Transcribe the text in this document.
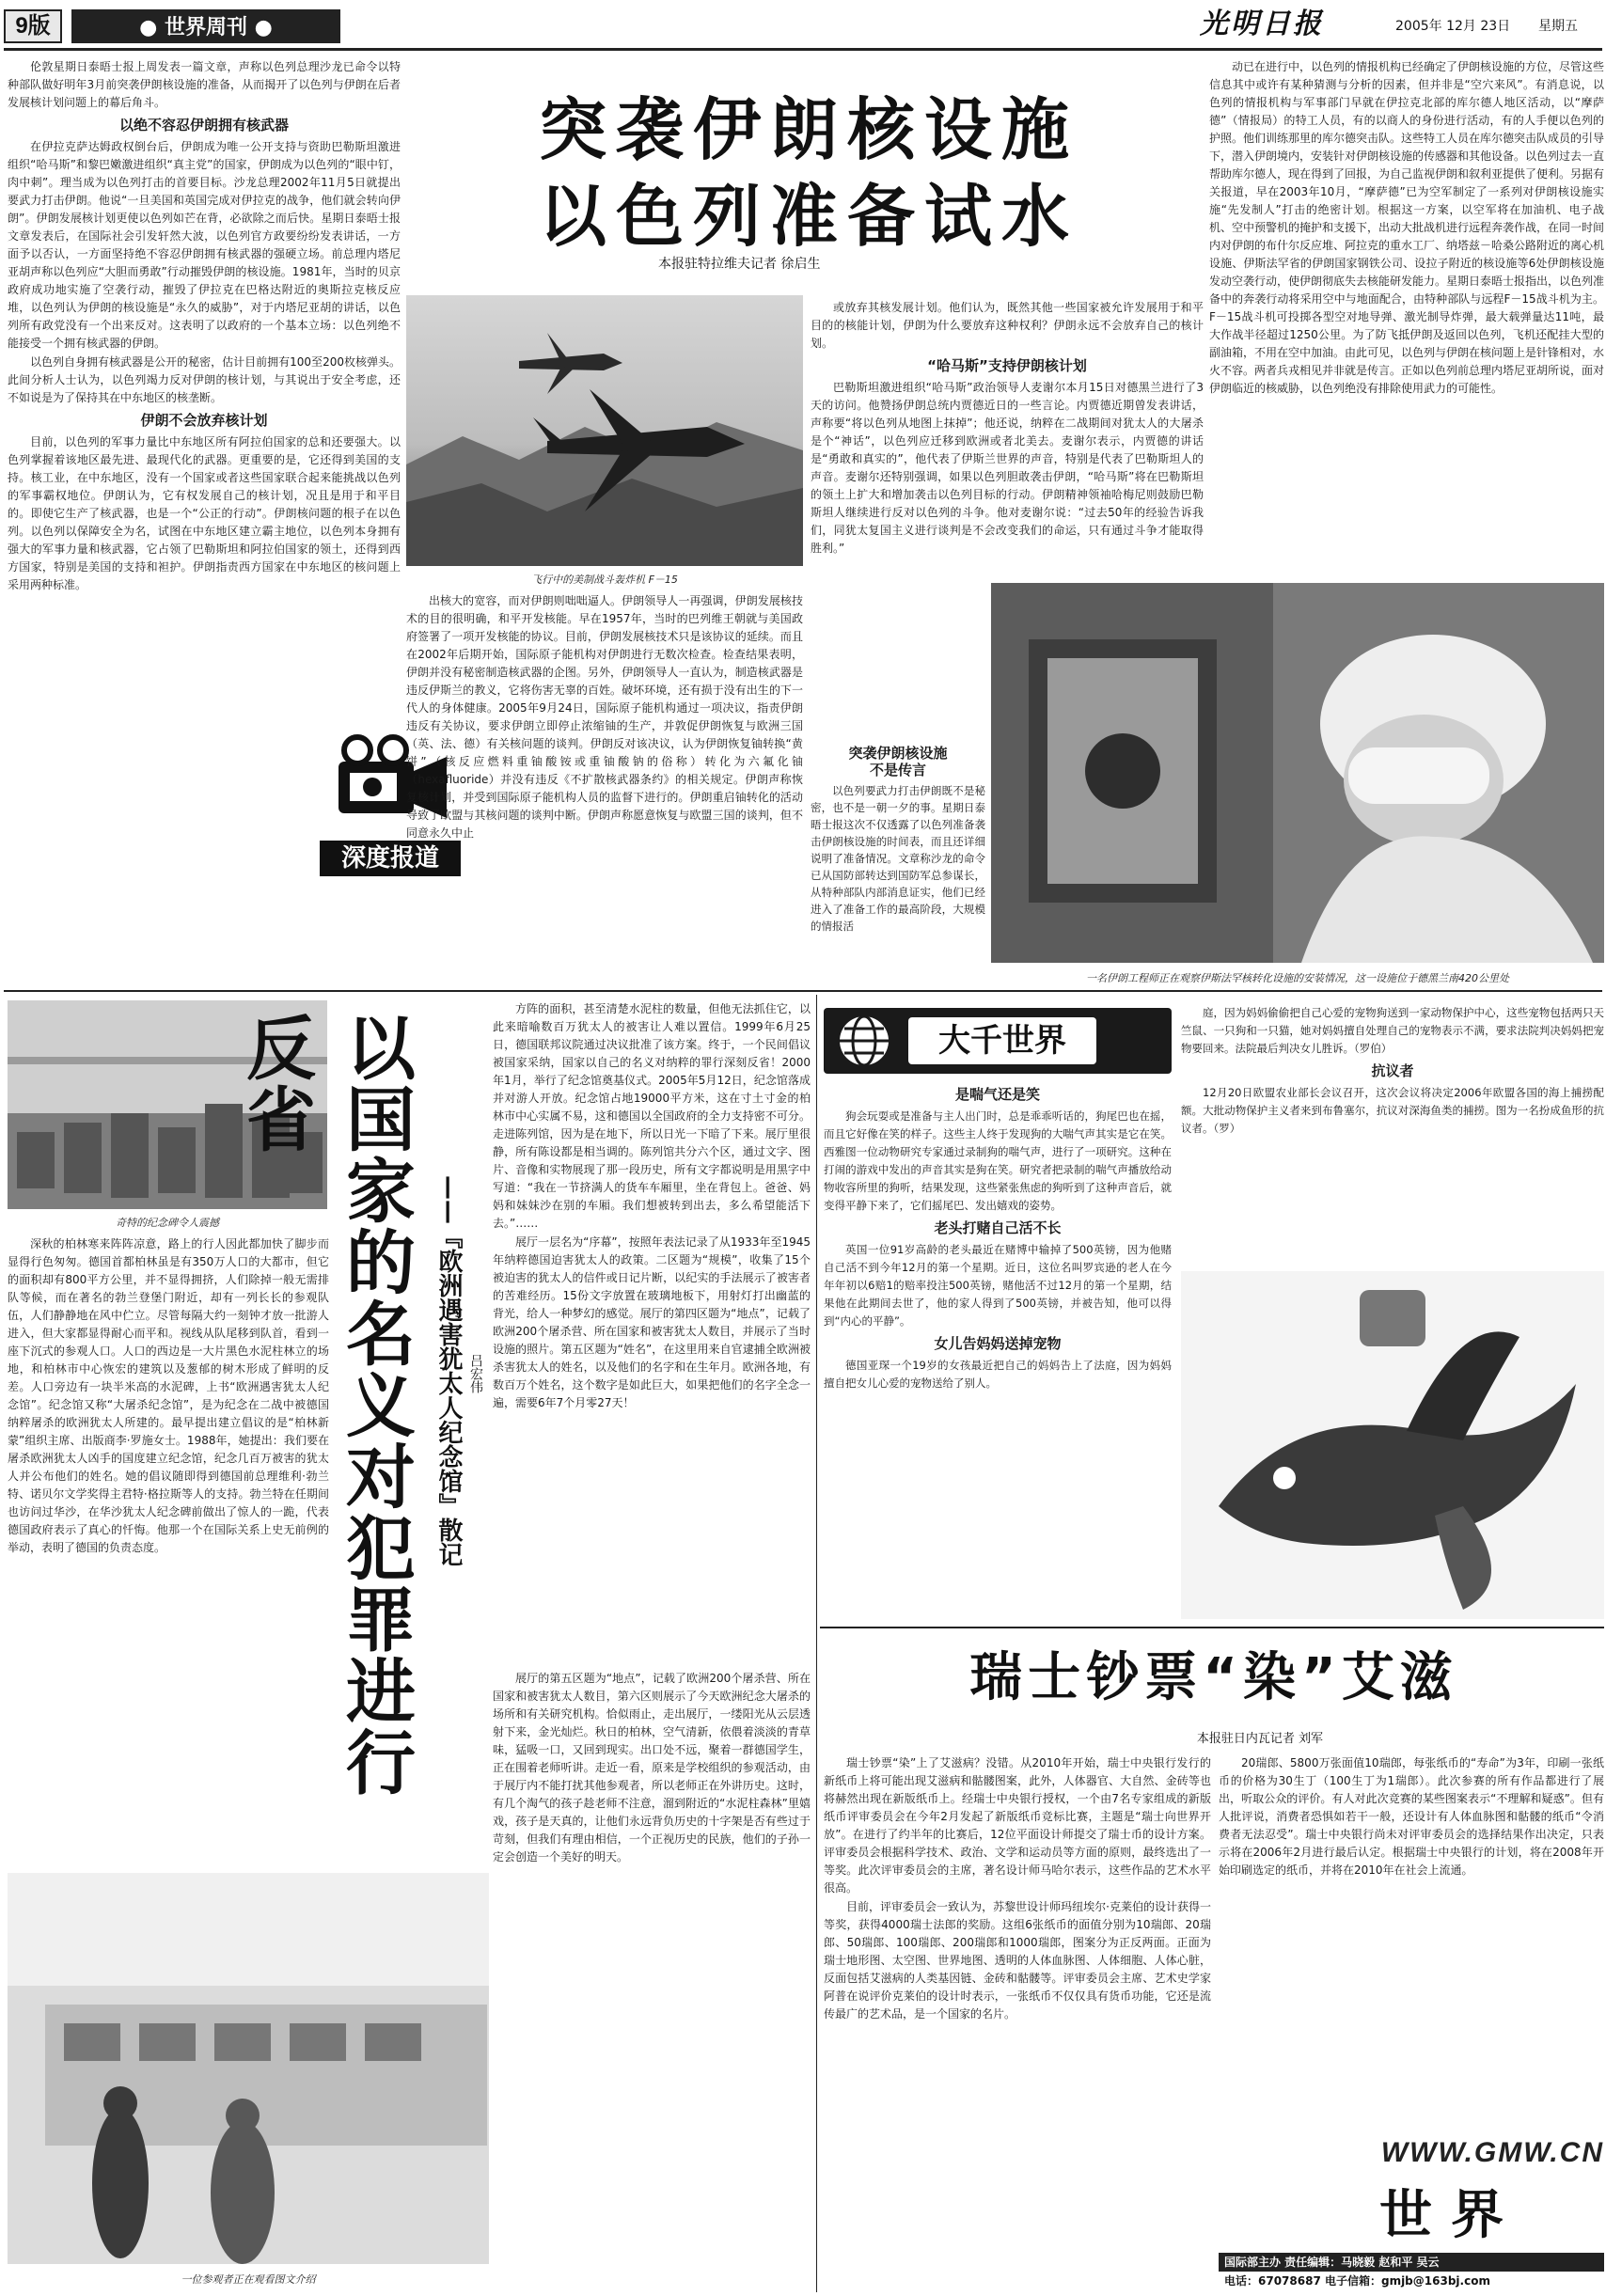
9版	● 世界周刊 ●	光明日报	2005年 12月 23日	星期五
突袭伊朗核设施
以色列准备试水
本报驻特拉维夫记者 徐启生

伦敦星期日泰晤士报上周发表一篇文章，声称以色列总理沙龙已命令以特种部队做好明年3月前突袭伊朗核设施的准备，从而揭开了以色列与伊朗在后者发展核计划问题上的幕后角斗。

以绝不容忍伊朗拥有核武器

在伊拉克萨达姆政权倒台后，伊朗成为唯一公开支持与资助巴勒斯坦激进组织“哈马斯”和黎巴嫩激进组织“真主党”的国家，伊朗成为以色列的“眼中钉，肉中刺”。理当成为以色列打击的首要目标。沙龙总理2002年11月5日就提出要武力打击伊朗。他说“一旦美国和英国完成对伊拉克的战争，他们就会转向伊朗”。伊朗发展核计划更使以色列如芒在背，必欲除之而后快。星期日泰晤士报文章发表后，在国际社会引发轩然大波，以色列官方政要纷纷发表讲话，一方面予以否认，一方面坚持绝不容忍伊朗拥有核武器的强硬立场。前总理内塔尼亚胡声称以色列应“大胆而勇敢”行动摧毁伊朗的核设施。1981年，当时的贝京政府成功地实施了空袭行动，摧毁了伊拉克在巴格达附近的奥斯拉克核反应堆，以色列认为伊朗的核设施是“永久的威胁”，对于内塔尼亚胡的讲话，以色列所有政党没有一个出来反对。这表明了以政府的一个基本立场：以色列绝不能接受一个拥有核武器的伊朗。

以色列自身拥有核武器是公开的秘密，估计目前拥有100至200枚核弹头。此间分析人士认为，以色列竭力反对伊朗的核计划，与其说出于安全考虑，还不如说是为了保持其在中东地区的核垄断。

伊朗不会放弃核计划

目前，以色列的军事力量比中东地区所有阿拉伯国家的总和还要强大。以色列掌握着该地区最先进、最现代化的武器。更重要的是，它还得到美国的支持。核工业，在中东地区，没有一个国家或者这些国家联合起来能挑战以色列的军事霸权地位。伊朗认为，它有权发展自己的核计划，况且是用于和平目的。即使它生产了核武器，也是一个“公正的行动”。伊朗核问题的根子在以色列。以色列以保障安全为名，试图在中东地区建立霸主地位，以色列本身拥有强大的军事力量和核武器，它占领了巴勒斯坦和阿拉伯国家的领土，还得到西方国家，特别是美国的支持和袒护。伊朗指责西方国家在中东地区的核问题上采用两种标准。

深度报道
飞行中的美制战斗轰炸机 F－15

出核大的宽容，而对伊朗则咄咄逼人。伊朗领导人一再强调，伊朗发展核技术的目的很明确，和平开发核能。早在1957年，当时的巴列维王朝就与美国政府签署了一项开发核能的协议。目前，伊朗发展核技术只是该协议的延续。而且在2002年后期开始，国际原子能机构对伊朗进行无数次检查。检查结果表明，伊朗并没有秘密制造核武器的企图。另外，伊朗领导人一直认为，制造核武器是违反伊斯兰的教义，它将伤害无辜的百姓。破坏环境，还有损于没有出生的下一代人的身体健康。2005年9月24日，国际原子能机构通过一项决议，指责伊朗违反有关协议，要求伊朗立即停止浓缩铀的生产，并敦促伊朗恢复与欧洲三国（英、法、德）有关核问题的谈判。伊朗反对该决议，认为伊朗恢复铀转换“黄饼”（核反应燃料重铀酸铵或重铀酸钠的俗称）转化为六氟化铀（hexafluoride）并没有违反《不扩散核武器条约》的相关规定。伊朗声称恢复核计划，并受到国际原子能机构人员的监督下进行的。伊朗重启铀转化的活动导致了欧盟与其核问题的谈判中断。伊朗声称愿意恢复与欧盟三国的谈判，但不同意永久中止

或放弃其核发展计划。他们认为，既然其他一些国家被允许发展用于和平目的的核能计划，伊朗为什么要放弃这种权利？伊朗永远不会放弃自己的核计划。

“哈马斯”支持伊朗核计划

巴勒斯坦激进组织“哈马斯”政治领导人麦谢尔本月15日对德黑兰进行了3天的访问。他赞扬伊朗总统内贾德近日的一些言论。内贾德近期曾发表讲话，声称要“将以色列从地图上抹掉”；他还说，纳粹在二战期间对犹太人的大屠杀是个“神话”，以色列应迁移到欧洲或者北美去。麦谢尔表示，内贾德的讲话是“勇敢和真实的”，他代表了伊斯兰世界的声音，特别是代表了巴勒斯坦人的声音。麦谢尔还特别强调，如果以色列胆敢袭击伊朗，“哈马斯”将在巴勒斯坦的领土上扩大和增加袭击以色列目标的行动。伊朗精神领袖哈梅尼则鼓励巴勒斯坦人继续进行反对以色列的斗争。他对麦谢尔说：“过去50年的经验告诉我们，同犹太复国主义进行谈判是不会改变我们的命运，只有通过斗争才能取得胜利。”

突袭伊朗核设施
不是传言

以色列要武力打击伊朗既不是秘密，也不是一朝一夕的事。星期日泰晤士报这次不仅透露了以色列准备袭击伊朗核设施的时间表，而且还详细说明了准备情况。文章称沙龙的命令已从国防部转达到国防军总参谋长，从特种部队内部消息证实，他们已经进入了准备工作的最高阶段，大规模的情报活

一名伊朗工程师正在观察伊斯法罕核转化设施的安装情况，这一设施位于德黑兰南420公里处

动已在进行中，以色列的情报机构已经确定了伊朗核设施的方位，尽管这些信息其中或许有某种猜测与分析的因素，但并非是“空穴来风”。有消息说，以色列的情报机构与军事部门早就在伊拉克北部的库尔德人地区活动，以“摩萨德”（情报局）的特工人员，有的以商人的身份进行活动，有的人手便以色列的护照。他们训练那里的库尔德突击队。这些特工人员在库尔德突击队成员的引导下，潜入伊朗境内，安装针对伊朗核设施的传感器和其他设备。以色列过去一直帮助库尔德人，现在得到了回报，为自己监视伊朗和叙利亚提供了便利。另据有关报道，早在2003年10月，“摩萨德”已为空军制定了一系列对伊朗核设施实施“先发制人”打击的绝密计划。根据这一方案，以空军将在加油机、电子战机、空中预警机的掩护和支援下，出动大批战机进行远程奔袭作战，在同一时间内对伊朗的布什尔反应堆、阿拉克的重水工厂、纳塔兹－哈桑公路附近的离心机设施、伊斯法罕省的伊朗国家钢铁公司、设拉子附近的核设施等6处伊朗核设施发动空袭行动，使伊朗彻底失去核能研发能力。星期日泰晤士报指出，以色列准备中的奔袭行动将采用空中与地面配合，由特种部队与远程F－15战斗机为主。F－15战斗机可投掷各型空对地导弹、激光制导炸弹，最大载弹量达11吨，最大作战半径超过1250公里。为了防飞抵伊朗及返回以色列，飞机还配挂大型的副油箱，不用在空中加油。由此可见，以色列与伊朗在核问题上是针锋相对，水火不容。两者兵戎相见并非就是传言。正如以色列前总理内塔尼亚胡所说，面对伊朗临近的核威胁，以色列绝没有排除使用武力的可能性。

奇特的纪念碑令人震撼	以国家的名义对犯罪进行反省
——『欧洲遇害犹太人纪念馆』散记 吕宏伟

深秋的柏林寒来阵阵凉意，路上的行人因此都加快了脚步而显得行色匆匆。德国首都柏林虽是有350万人口的大都市，但它的面积却有800平方公里，并不显得拥挤，人们除掉一般无需排队等候，而在著名的勃兰登堡门附近，却有一列长长的参观队伍，人们静静地在风中伫立。尽管每隔大约一刻钟才放一批游人进入，但大家都显得耐心而平和。视线从队尾移到队首，看到一座下沉式的参观人口。人口的西边是一大片黑色水泥柱林立的场地，和柏林市中心恢宏的建筑以及葱郁的树木形成了鲜明的反差。人口旁边有一块半米高的水泥碑，上书“欧洲遇害犹太人纪念馆”。纪念馆又称“大屠杀纪念馆”，是为纪念在二战中被德国纳粹屠杀的欧洲犹太人所建的。最早提出建立倡议的是“柏林新蒙”组织主席、出版商李·罗施女士。1988年，她提出：我们要在屠杀欧洲犹太人凶手的国度建立纪念馆，纪念几百万被害的犹太人并公布他们的姓名。她的倡议随即得到德国前总理维利·勃兰特、诺贝尔文学奖得主君特·格拉斯等人的支持。勃兰特在任期间也访问过华沙，在华沙犹太人纪念碑前做出了惊人的一跪，代表德国政府表示了真心的忏悔。他那一个在国际关系上史无前例的举动，表明了德国的负责态度。

方阵的面积，甚至清楚水泥柱的数量，但他无法抓住它，以此来暗喻数百万犹太人的被害让人难以置信。1999年6月25日，德国联邦议院通过决议批准了该方案。终于，一个民间倡议被国家采纳，国家以自己的名义对纳粹的罪行深刻反省！2000年1月，举行了纪念馆奠基仪式。2005年5月12日，纪念馆落成并对游人开放。纪念馆占地19000平方米，这在寸土寸金的柏林市中心实属不易，这和德国以全国政府的全力支持密不可分。走进陈列馆，因为是在地下，所以日光一下暗了下来。展厅里很静，所有陈设都是相当调的。陈列馆共分六个区，通过文字、图片、音像和实物展现了那一段历史，所有文字都说明是用黑字中写道：“我在一节挤满人的货车车厢里，坐在背包上。爸爸、妈妈和妹妹沙在别的车厢。我们想被转到出去，多么希望能活下去。”……

展厅一层名为“序幕”，按照年表法记录了从1933年至1945年纳粹德国迫害犹太人的政策。二区题为“规模”，收集了15个被迫害的犹太人的信件或日记片断，以纪实的手法展示了被害者的苦难经历。15份文字放置在玻璃地板下，用射灯打出幽蓝的背光，给人一种梦幻的感觉。展厅的第四区题为“地点”，记载了欧洲200个屠杀营、所在国家和被害犹太人数目，并展示了当时设施的照片。第五区题为“姓名”，在这里用来自官逮捕全欧洲被杀害犹太人的姓名，以及他们的名字和在生年月。欧洲各地，有数百万个姓名，这个数字是如此巨大，如果把他们的名字全念一遍，需要6年7个月零27天！

一位参观者正在观看图文介绍

展厅的第五区题为“地点”，记载了欧洲200个屠杀营、所在国家和被害犹太人数目，第六区则展示了今天欧洲纪念大屠杀的场所和有关研究机构。恰似雨止，走出展厅，一缕阳光从云层透射下来，金光灿烂。秋日的柏林，空气清新，依偎着淡淡的青草味，猛吸一口，又回到现实。出口处不远，聚着一群德国学生，正在围着老师听讲。走近一看，原来是学校组织的参观活动，由于展厅内不能打扰其他参观者，所以老师正在外讲历史。这时，有几个淘气的孩子趁老师不注意，溜到附近的“水泥柱森林”里嬉戏，孩子是天真的，让他们永远背负历史的十字架是否有些过于苛刻，但我们有理由相信，一个正视历史的民族，他们的子孙一定会创造一个美好的明天。

大千世界
是喘气还是笑

狗会玩耍或是准备与主人出门时，总是乖乖听话的，狗尾巴也在摇，而且它好像在笑的样子。这些主人终于发现狗的大喘气声其实是它在笑。西雅图一位动物研究专家通过录制狗的喘气声，进行了一项研究。这种在打闹的游戏中发出的声音其实是狗在笑。研究者把录制的喘气声播放给动物收容所里的狗听，结果发现，这些紧张焦虑的狗听到了这种声音后，就变得平静下来了，它们摇尾巴、发出嬉戏的姿势。

老头打赌自己活不长

英国一位91岁高龄的老头最近在赌博中输掉了500英镑，因为他赌自己活不到今年12月的第一个星期。近日，这位名叫罗宾逊的老人在今年年初以6赔1的赔率投注500英镑，赌他活不过12月的第一个星期，结果他在此期间去世了，他的家人得到了500英镑，并被告知，他可以得到“内心的平静”。

女儿告妈妈送掉宠物

德国亚琛一个19岁的女孩最近把自己的妈妈告上了法庭，因为妈妈擅自把女儿心爱的宠物送给了别人。

庭，因为妈妈偷偷把自己心爱的宠物狗送到一家动物保护中心，这些宠物包括两只天竺鼠、一只狗和一只猫，她对妈妈擅自处理自己的宠物表示不满，要求法院判决妈妈把宠物要回来。法院最后判决女儿胜诉。（罗伯）

抗议者

12月20日欧盟农业部长会议召开，这次会议将决定2006年欧盟各国的海上捕捞配额。大批动物保护主义者来到布鲁塞尔，抗议对深海鱼类的捕捞。图为一名扮成鱼形的抗议者。（罗）

瑞士钞票“染”艾滋
本报驻日内瓦记者 刘军

瑞士钞票“染”上了艾滋病？没错。从2010年开始，瑞士中央银行发行的新纸币上将可能出现艾滋病和骷髅图案，此外，人体器官、大自然、金砖等也将赫然出现在新版纸币上。经瑞士中央银行授权，一个由7名专家组成的新版纸币评审委员会在今年2月发起了新版纸币竞标比赛，主题是“瑞士向世界开放”。在进行了约半年的比赛后，12位平面设计师提交了瑞士币的设计方案。评审委员会根据科学技术、政治、文学和运动员等方面的原则，最终选出了一等奖。此次评审委员会的主席，著名设计师马哈尔表示，这些作品的艺术水平很高。

目前，评审委员会一致认为，苏黎世设计师玛纽埃尔·克莱伯的设计获得一等奖，获得4000瑞士法郎的奖励。这组6张纸币的面值分别为10瑞郎、20瑞郎、50瑞郎、100瑞郎、200瑞郎和1000瑞郎，图案分为正反两面。正面为瑞士地形图、太空图、世界地图、透明的人体血脉图、人体细胞、人体心脏，反面包括艾滋病的人类基因链、金砖和骷髅等。评审委员会主席、艺术史学家阿普在说评价克莱伯的设计时表示，一张纸币不仅仅具有货币功能，它还是流传最广的艺术品，是一个国家的名片。

20瑞郎、5800万张面值10瑞郎，每张纸币的“寿命”为3年，印刷一张纸币的价格为30生丁（100生丁为1瑞郎）。此次参赛的所有作品都进行了展出，听取公众的评价。有人对此次竞赛的某些图案表示“不理解和疑惑”。但有人批评说，消费者恐惧如若干一般，还设计有人体血脉图和骷髅的纸币“令消费者无法忍受”。瑞士中央银行尚未对评审委员会的选择结果作出决定，只表示将在2006年2月进行最后认定。根据瑞士中央银行的计划，将在2008年开始印刷选定的纸币，并将在2010年在社会上流通。

WWW.GMW.CN
世界
国际部主办 责任编辑：马晓毅 赵和平 吴云
电话：67078687 电子信箱：gmjb@163bj.com
